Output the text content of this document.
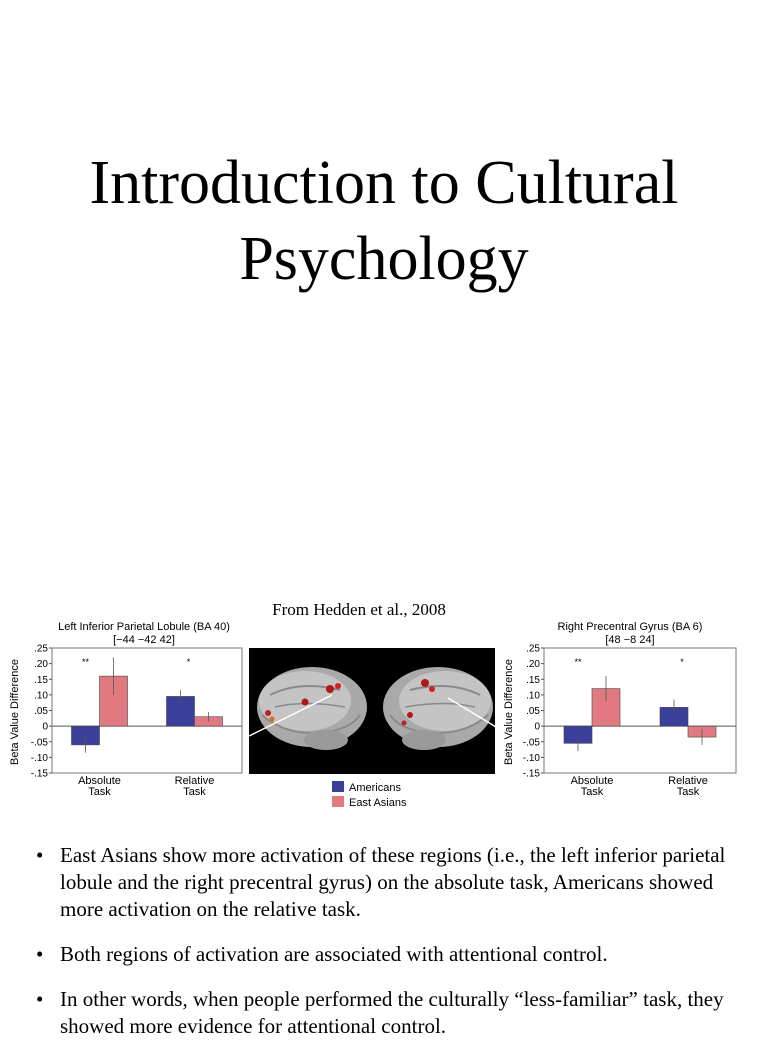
Introduction to Cultural
Psychology
From Hedden et al., 2008
Left Inferior Parietal Lobule (BA 40)
[−44 −42 42]
Beta Value Difference
.25
.20
.15
.10
.05
0
-.05
-.10
-.15
**
Absolute
Task
*
Relative
Task	Americans
East Asians
Right Precentral Gyrus (BA 6)
[48 −8 24]
Beta Value Difference
.25
.20
.15
.10
.05
0
-.05
-.10
-.15
**
Absolute
Task
*
Relative
Task
• East Asians show more activation of these regions (i.e., the left inferior parietal lobule and the right precentral gyrus) on the absolute task, Americans showed more activation on the relative task.
• Both regions of activation are associated with attentional control.
• In other words, when people performed the culturally “less-familiar” task, they showed more evidence for attentional control.
